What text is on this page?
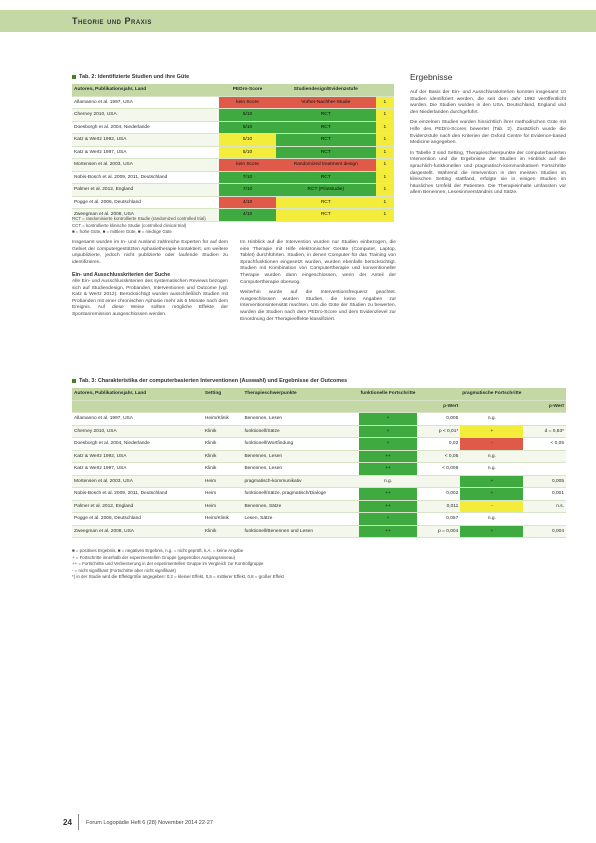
Theorie und Praxis
Tab. 2: Identifizierte Studien und ihre Güte
Autoren, Publikationsjahr, Land	PEDro-Score	Studiendesign/Evidenzstufe	
Allamanno et al. 1997, USA	kein Score	Vorher-Nachher-Studie	1
Cherney 2010, USA	5/10	RCT	1
Doesborgh et al. 2004, Niederlande	5/10	RCT	1
Katz & Wertz 1992, USA	5/10	RCT	1
Katz & Wertz 1997, USA	5/10	RCT	1
Mortensen et al. 2003, USA	kein Score	Randomized treatment design	1
Nobis-Bosch et al. 2009, 2011, Deutschland	7/10	RCT	1
Palmer et al. 2012, England	7/10	RCT (Pilotstudie)	1
Pogge et al. 2006, Deutschland	4/10	RCT	1
Zweegman et al. 2008, USA	4/10	RCT	1
RCT = randomisierte kontrollierte Studie (randomized controlled trial)
CCT = kontrollierte klinische Studie (controlled clinical trial)
■ = hohe Güte, ■ = mittlere Güte, ■ = niedrige Güte
Insgesamt wurden im In- und Ausland zahlreiche Experten für auf dem Gebiet der computergestützten Aphasietherapie kontaktiert, um weitere unpublizierte, jedoch nicht publizierte oder laufende Studien zu identifizieren.
Ein- und Ausschlusskriterien der Suche
Alle Ein- und Ausschlusskriterien des systematischen Reviews bezogen sich auf Studiendesign, Probanden, Interventionen und Outcome (vgl. Katz & Wertz 2012). Berücksichtigt wurden ausschließlich Studien mit Probanden mit einer chronischen Aphasie mehr als 6 Monate nach dem Ereignis. Auf diese Weise sollten mögliche Effekte der Spontanremission ausgeschlossen werden.
Im Hinblick auf die Intervention wurden nur Studien einbezogen, die eine Therapie mit Hilfe elektronischer Geräte (Computer, Laptop, Tablet) durchführten. Studien, in denen Computer für das Training von Sprachfunktionen eingesetzt wurden, wurden ebenfalls berücksichtigt. Studien mit Kombination von Computertherapie und konventioneller Therapie wurden dann eingeschlossen, wenn der Anteil der Computertherapie überwog.
Weiterhin wurde auf die Interventionsfrequenz geachtet. Ausgeschlossen wurden Studien, die keine Angaben zur Interventionsintensität machten. Um die Güte der Studien zu bewerten, wurden die Studien nach dem PEDro-Score und dem Evidenzlevel zur Einordnung der Therapieeffekte klassifiziert.
Ergebnisse
Auf der Basis der Ein- und Ausschlusskriterien konnten insgesamt 10 Studien identifiziert werden, die seit dem Jahr 1992 veröffentlicht wurden. Die Studien wurden in den USA, Deutschland, England und den Niederlanden durchgeführt.
Die einzelnen Studien wurden hinsichtlich ihrer methodischen Güte mit Hilfe des PEDro-Scores bewertet (Tab. 2). Zusätzlich wurde die Evidenzstufe nach den Kriterien der Oxford Centre for Evidence-based Medicine angegeben.
In Tabelle 3 sind Setting, Therapieschwerpunkte der computerbasierten Intervention und die Ergebnisse der Studien im Hinblick auf die sprachlich-funktionellen und pragmatisch-kommunikativen Fortschritte dargestellt. Während die Intervention in den meisten Studien im klinischen Setting stattfand, erfolgte sie in einigen Studien im häuslichen Umfeld der Patienten. Die Therapieinhalte umfassten vor allem Benennen, Lesesinnverständnis und Sätze.
Tab. 3: Charakteristika der computerbasierten Interventionen (Auswahl) und Ergebnisse der Outcomes
Autoren, Publikationsjahr, Land	Setting	Therapieschwerpunkte	funktionelle Fortschritte		pragmatische Fortschritte	
				p-Wert		p-Wert
Allamanno et al. 1997, USA	Heim/Klinik	Benennen, Lesen	+	0,005	n.g.	
Cherney 2010, USA	Klinik	funktionell/Sätze	+	p < 0,01*	+	d = 0,83*
Doesborgh et al. 2004, Niederlande	Klinik	funktionell/Wortfindung	+	0,02	-	< 0,05
Katz & Wertz 1992, USA	Klinik	Benennen, Lesen	++	< 0,05	n.g.	
Katz & Wertz 1997, USA	Klinik	Benennen, Lesen	++	< 0,008	n.g.	
Mortensen et al. 2003, USA	Heim	pragmatisch-kommunikativ	n.g.		+	0,005
Nobis-Bosch et al. 2009, 2011, Deutschland	Heim	funktionell/Sätze, pragmatisch/Dialoge	++	0,002	+	0,001
Palmer et al. 2012, England	Heim	Benennen, Sätze	++	0,011	-	n.s.
Pogge et al. 2006, Deutschland	Heim/Klinik	Lesen, Sätze	+	0,057	n.g.	
Zweegman et al. 2008, USA	Klinik	funktionell/Benennen und Lesen	++	p = 0,004	+	0,004
■ = positives Ergebnis, ■ = negatives Ergebnis, n.g. = nicht geprüft, k.A. = keine Angabe
+ = Fortschritte innerhalb der experimentellen Gruppe (gegenüber Ausgangsniveau)
++ = Fortschritte und Verbesserung in der experimentellen Gruppe im Vergleich zur Kontrollgruppe
- = nicht signifikant (Fortschritte aber nicht signifikant)
*) in der Studie wird die Effektgröße angegeben: 0,2 = kleiner Effekt, 0,5 = mittlerer Effekt, 0,8 = großer Effekt
24	Forum Logopädie Heft 6 (28) November 2014 22-27
